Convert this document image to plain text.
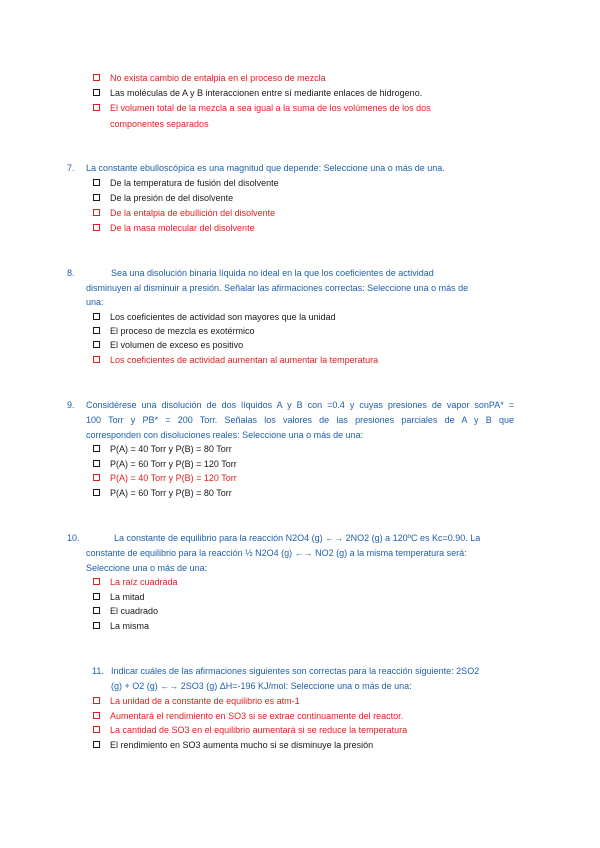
No exista cambio de entalpia en el proceso de mezcla
Las moléculas de A y B interaccionen entre sí mediante enlaces de hidrogeno.
El volumen total de la mezcla a sea igual a la suma de los volúmenes de los dos
componentes separados
7. La constante ebulloscópica es una magnitud que depende: Seleccione una o más de una.
De la temperatura de fusión del disolvente
De la presión de del disolvente
De la entalpia de ebullición del disolvente
De la masa molecular del disolvente
8.	Sea una disolución binaria líquida no ideal en la que los coeficientes de actividad
disminuyen al disminuir a presión. Señalar las afirmaciones correctas: Seleccione una o más de
una:
Los coeficientes de actividad son mayores que la unidad
El proceso de mezcla es exotérmico
El volumen de exceso es positivo
Los coeficientes de actividad aumentan al aumentar la temperatura
9. Considérese una disolución de dos líquidos A y B con =0.4 y cuyas presiones de vapor sonPA* =
100 Torr y PB* = 200 Torr. Señalas los valores de las presiones parciales de A y B que
corresponden con disoluciones reales: Seleccione una o más de una:
P(A) = 40 Torr y P(B) = 80 Torr
P(A) = 60 Torr y P(B) = 120 Torr
P(A) = 40 Torr y P(B) = 120 Torr
P(A) = 60 Torr y P(B) = 80 Torr
10.	La constante de equilibrio para la reacción N2O4 (g) ←→ 2NO2 (g) a 120ºC es Kc=0.90. La
constante de equilibrio para la reacción ½ N2O4 (g) ←→ NO2 (g) a la misma temperatura será:
Seleccione una o más de una:
La raíz cuadrada
La mitad
El cuadrado
La misma
11. Indicar cuáles de las afirmaciones siguientes son correctas para la reacción siguiente: 2SO2
(g) + O2 (g) ←→ 2SO3 (g) ΔH=-196 KJ/mol: Seleccione una o más de una:
La unidad de a constante de equilibrio es atm-1
Aumentará el rendimiento en SO3 si se extrae continuamente del reactor.
La cantidad de SO3 en el equilibrio aumentará si se reduce la temperatura
El rendimiento en SO3 aumenta mucho si se disminuye la presión
